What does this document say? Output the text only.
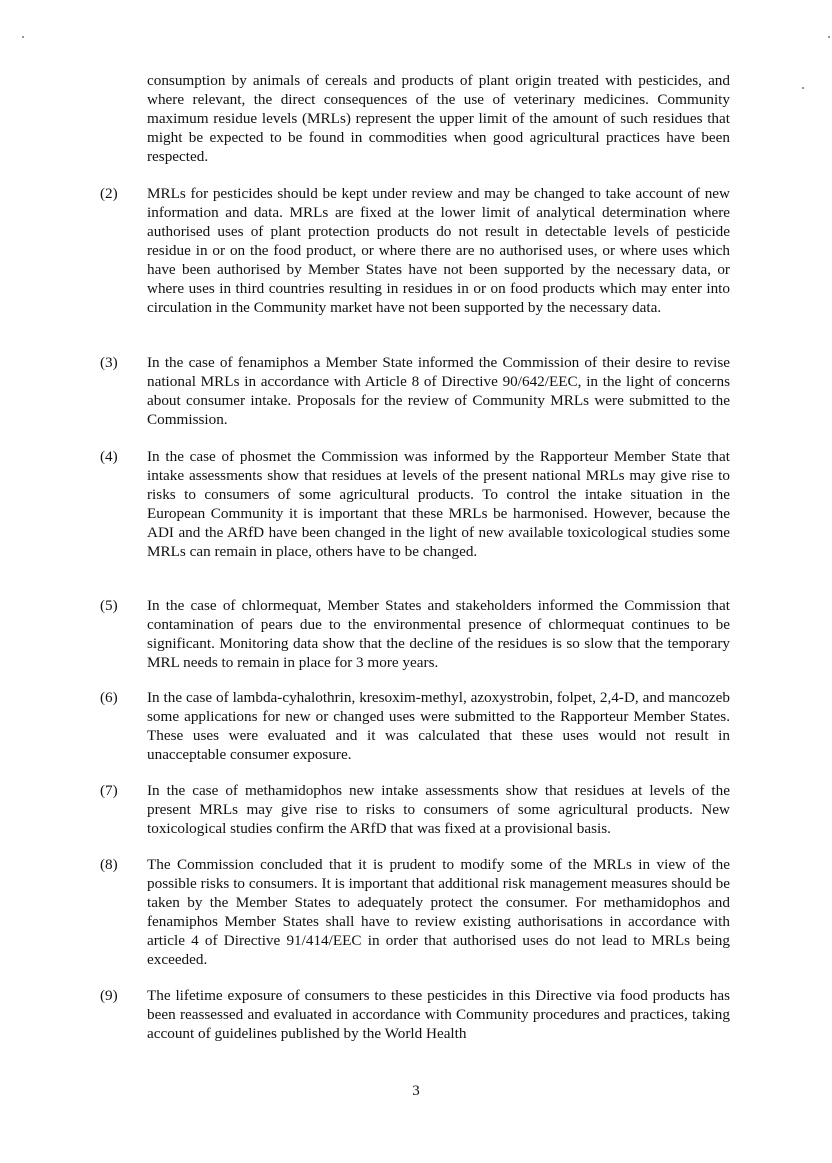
consumption by animals of cereals and products of plant origin treated with pesticides, and where relevant, the direct consequences of the use of veterinary medicines. Community maximum residue levels (MRLs) represent the upper limit of the amount of such residues that might be expected to be found in commodities when good agricultural practices have been respected.
(2) MRLs for pesticides should be kept under review and may be changed to take account of new information and data. MRLs are fixed at the lower limit of analytical determination where authorised uses of plant protection products do not result in detectable levels of pesticide residue in or on the food product, or where there are no authorised uses, or where uses which have been authorised by Member States have not been supported by the necessary data, or where uses in third countries resulting in residues in or on food products which may enter into circulation in the Community market have not been supported by the necessary data.
(3) In the case of fenamiphos a Member State informed the Commission of their desire to revise national MRLs in accordance with Article 8 of Directive 90/642/EEC, in the light of concerns about consumer intake. Proposals for the review of Community MRLs were submitted to the Commission.
(4) In the case of phosmet the Commission was informed by the Rapporteur Member State that intake assessments show that residues at levels of the present national MRLs may give rise to risks to consumers of some agricultural products. To control the intake situation in the European Community it is important that these MRLs be harmonised. However, because the ADI and the ARfD have been changed in the light of new available toxicological studies some MRLs can remain in place, others have to be changed.
(5) In the case of chlormequat, Member States and stakeholders informed the Commission that contamination of pears due to the environmental presence of chlormequat continues to be significant. Monitoring data show that the decline of the residues is so slow that the temporary MRL needs to remain in place for 3 more years.
(6) In the case of lambda-cyhalothrin, kresoxim-methyl, azoxystrobin, folpet, 2,4-D, and mancozeb some applications for new or changed uses were submitted to the Rapporteur Member States. These uses were evaluated and it was calculated that these uses would not result in unacceptable consumer exposure.
(7) In the case of methamidophos new intake assessments show that residues at levels of the present MRLs may give rise to risks to consumers of some agricultural products. New toxicological studies confirm the ARfD that was fixed at a provisional basis.
(8) The Commission concluded that it is prudent to modify some of the MRLs in view of the possible risks to consumers. It is important that additional risk management measures should be taken by the Member States to adequately protect the consumer. For methamidophos and fenamiphos Member States shall have to review existing authorisations in accordance with article 4 of Directive 91/414/EEC in order that authorised uses do not lead to MRLs being exceeded.
(9) The lifetime exposure of consumers to these pesticides in this Directive via food products has been reassessed and evaluated in accordance with Community procedures and practices, taking account of guidelines published by the World Health
3
